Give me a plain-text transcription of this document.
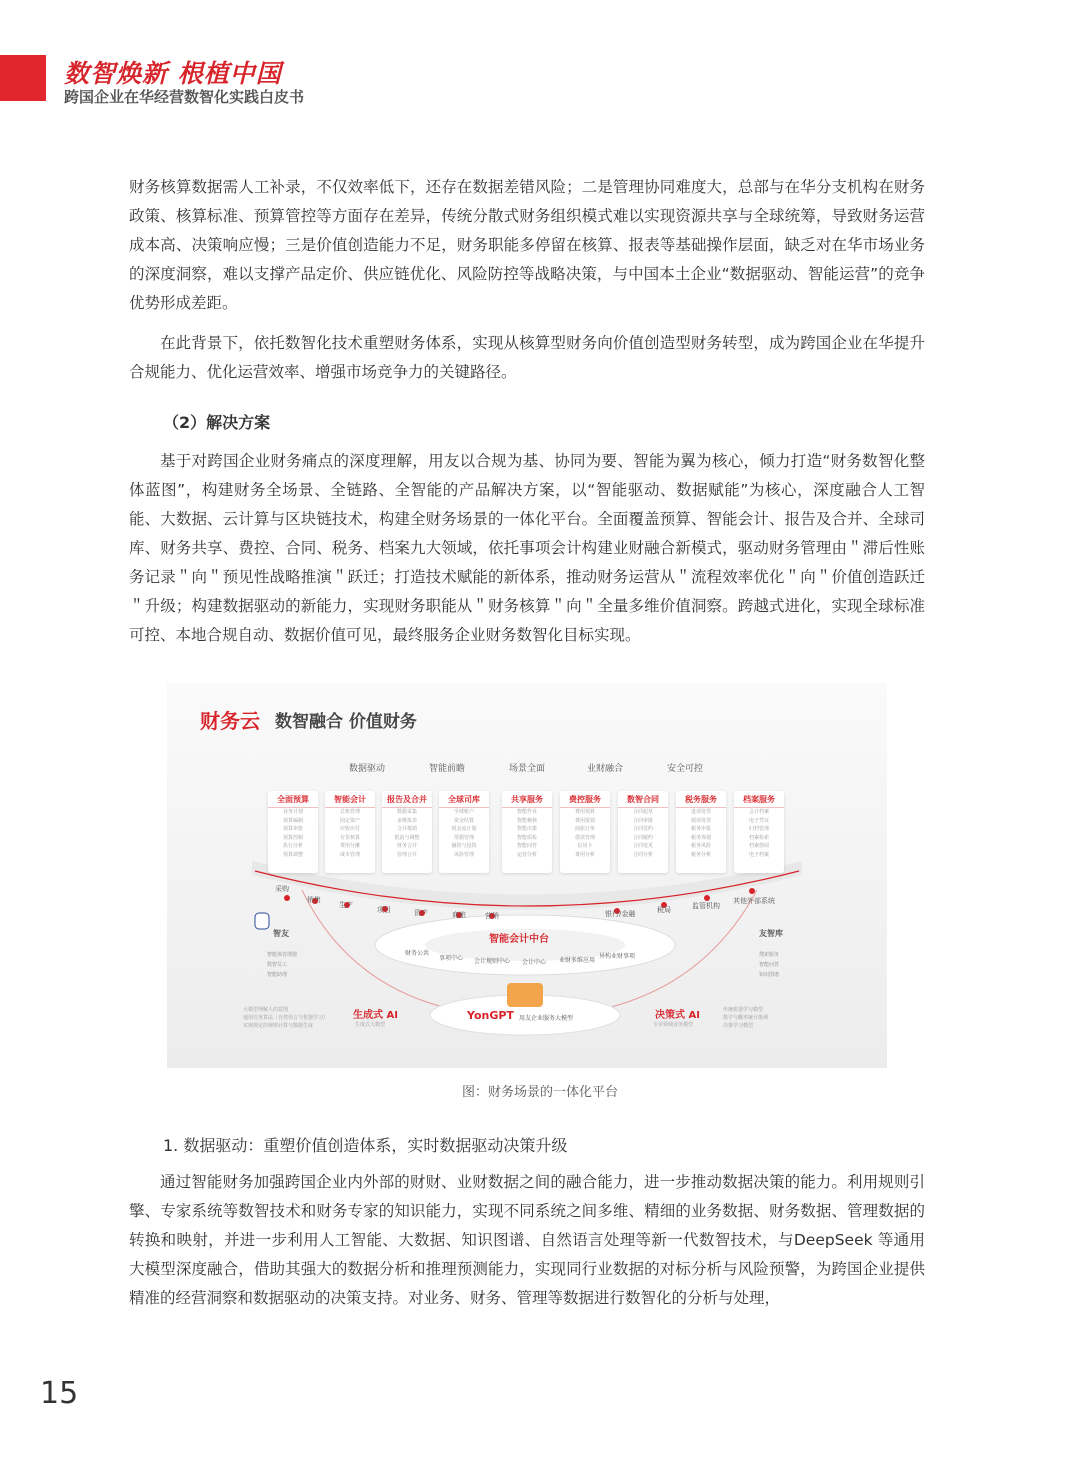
数智焕新 根植中国
跨国企业在华经营数智化实践白皮书

财务核算数据需人工补录，不仅效率低下，还存在数据差错风险；二是管理协同难度大，总部与在华分支机构在财务政策、核算标准、预算管控等方面存在差异，传统分散式财务组织模式难以实现资源共享与全球统筹，导致财务运营成本高、决策响应慢；三是价值创造能力不足，财务职能多停留在核算、报表等基础操作层面，缺乏对在华市场业务的深度洞察，难以支撑产品定价、供应链优化、风险防控等战略决策，与中国本土企业“数据驱动、智能运营”的竞争优势形成差距。

在此背景下，依托数智化技术重塑财务体系，实现从核算型财务向价值创造型财务转型，成为跨国企业在华提升合规能力、优化运营效率、增强市场竞争力的关键路径。

（2）解决方案

基于对跨国企业财务痛点的深度理解，用友以合规为基、协同为要、智能为翼为核心，倾力打造“财务数智化整体蓝图”，构建财务全场景、全链路、全智能的产品解决方案，以“智能驱动、数据赋能”为核心，深度融合人工智能、大数据、云计算与区块链技术，构建全财务场景的一体化平台。全面覆盖预算、智能会计、报告及合并、全球司库、财务共享、费控、合同、税务、档案九大领域，依托事项会计构建业财融合新模式，驱动财务管理由＂滞后性账务记录＂向＂预见性战略推演＂跃迁；打造技术赋能的新体系，推动财务运营从＂流程效率优化＂向＂价值创造跃迁＂升级；构建数据驱动的新能力，实现财务职能从＂财务核算＂向＂全量多维价值洞察。跨越式进化，实现全球标准可控、本地合规自动、数据价值可见，最终服务企业财务数智化目标实现。

财务云 数智融合 价值财务
数据驱动	智能前瞻	场景全面	业财融合	安全可控
全面预算
业务计划
预算编制
预算审批
预算控制
执行分析
预算调整
智能会计
总账管理
固定资产
应收应付
存货核算
费用分摊
成本管理
报告及合并
数据采集
多维报表
合并抵销
抵消与调整
财务合并
管理合并
全球司库
全球账户
资金结算
现金流计划
票据管理
融资与投资
风险管理
共享服务
智能作业
智能稽核
智能决策
智能质检
智能问答
运营分析
费控服务
费用预算
费用报销
商旅订单
借款管理
信用卡
费用分析
数智合同
合同起草
合同审批
合同签约
合同履约
合同变更
合同分析
税务服务
进项发票
销项发票
税务申报
税务筹划
税务风险
税务分析
档案服务
会计档案
电子凭证
归档管理
档案检索
档案借阅
电子档案
采购
销售
生产
项目	资产	商旅	营销	银行/金融	税局	监管机构
其他外部系统
智能会计中台
财务公共
事项中心 会计规则中心 会计中心 业财多维应用
异构业财事项
智友
智能体管理器
数智员工
智能助理
友智库
搜索服务
智能问答
知识图谱
YonGPT 用友企业服务大模型
生成式 AI
生成式大模型
决策式 AI
专业领域业务模型
大模型理解人的意图
通用任务算法（自然语言与机器学习）
实现规定的规则计算与数据生成
传统机器学习模型
数学与概率统计推测
决策学习模型
图：财务场景的一体化平台

1. 数据驱动：重塑价值创造体系，实时数据驱动决策升级

通过智能财务加强跨国企业内外部的财财、业财数据之间的融合能力，进一步推动数据决策的能力。利用规则引擎、专家系统等数智技术和财务专家的知识能力，实现不同系统之间多维、精细的业务数据、财务数据、管理数据的转换和映射，并进一步利用人工智能、大数据、知识图谱、自然语言处理等新一代数智技术，与DeepSeek 等通用大模型深度融合，借助其强大的数据分析和推理预测能力，实现同行业数据的对标分析与风险预警，为跨国企业提供精准的经营洞察和数据驱动的决策支持。对业务、财务、管理等数据进行数智化的分析与处理，

15
